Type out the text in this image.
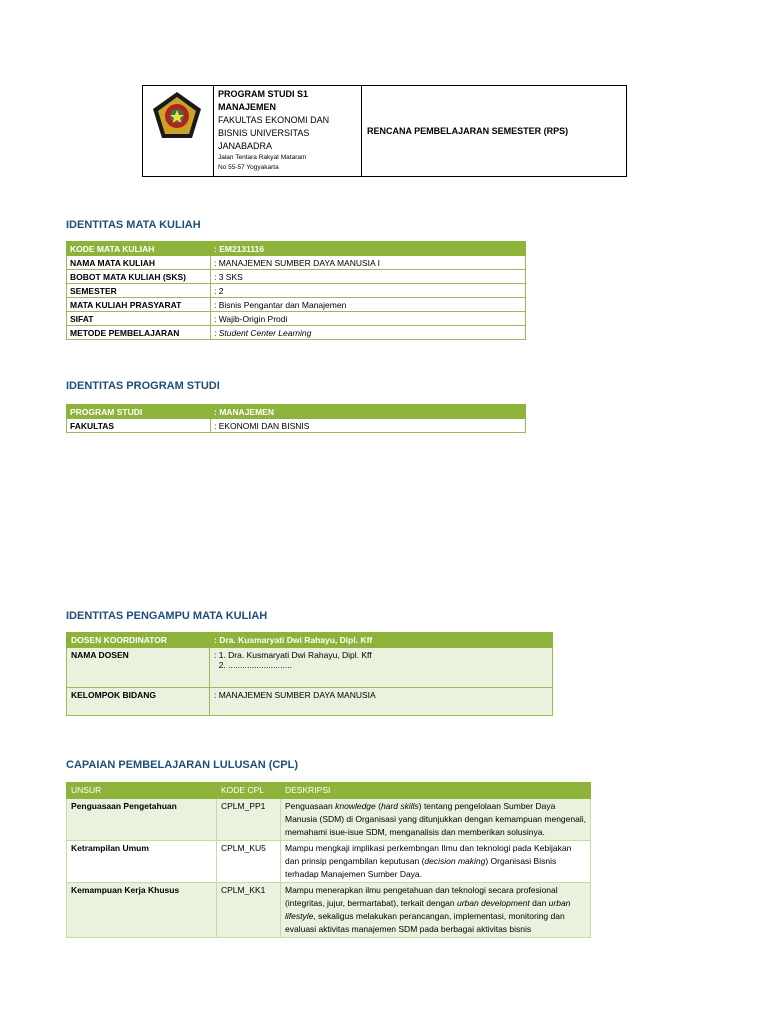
PROGRAM STUDI S1
MANAJEMEN
FAKULTAS EKONOMI DAN
BISNIS UNIVERSITAS
JANABADRA
Jalan Tentara Rakyat Mataram
No 55-57 Yogyakarta
RENCANA PEMBELAJARAN SEMESTER (RPS)
IDENTITAS MATA KULIAH
KODE MATA KULIAH	: EM2131116
NAMA MATA KULIAH	: MANAJEMEN SUMBER DAYA MANUSIA I
BOBOT MATA KULIAH (SKS)	: 3 SKS
SEMESTER	: 2
MATA KULIAH PRASYARAT	: Bisnis Pengantar dan Manajemen
SIFAT	: Wajib-Origin Prodi
METODE PEMBELAJARAN	: Student Center Learning
IDENTITAS PROGRAM STUDI
PROGRAM STUDI	: MANAJEMEN
FAKULTAS	: EKONOMI DAN BISNIS
IDENTITAS PENGAMPU MATA KULIAH
DOSEN KOORDINATOR	: Dra. Kusmaryati Dwi Rahayu, Dipl. Kff
NAMA DOSEN	: 1. Dra. Kusmaryati Dwi Rahayu, Dipl. Kff
2. ...........................

KELOMPOK BIDANG	: MANAJEMEN SUMBER DAYA MANUSIA
CAPAIAN PEMBELAJARAN LULUSAN (CPL)
UNSUR	KODE CPL	DESKRIPSI
Penguasaan Pengetahuan	CPLM_PP1	Penguasaan knowledge (hard skills) tentang pengelolaan Sumber Daya Manusia (SDM) di Organisasi yang ditunjukkan dengan kemampuan mengenali, memahami isue-isue SDM, menganalisis dan memberikan solusinya.
Ketrampilan Umum	CPLM_KU5	Mampu mengkaji implikasi perkembngan Ilmu dan teknologi pada Kebijakan dan prinsip pengambilan keputusan (decision making) Organisasi Bisnis terhadap Manajemen Sumber Daya.
Kemampuan Kerja Khusus	CPLM_KK1	Mampu menerapkan ilmu pengetahuan dan teknologi secara profesional (integritas, jujur, bermartabat), terkait dengan urban development dan urban lifestyle, sekaligus melakukan perancangan, implementasi, monitoring dan evaluasi aktivitas manajemen SDM pada berbagai aktivitas bisnis
